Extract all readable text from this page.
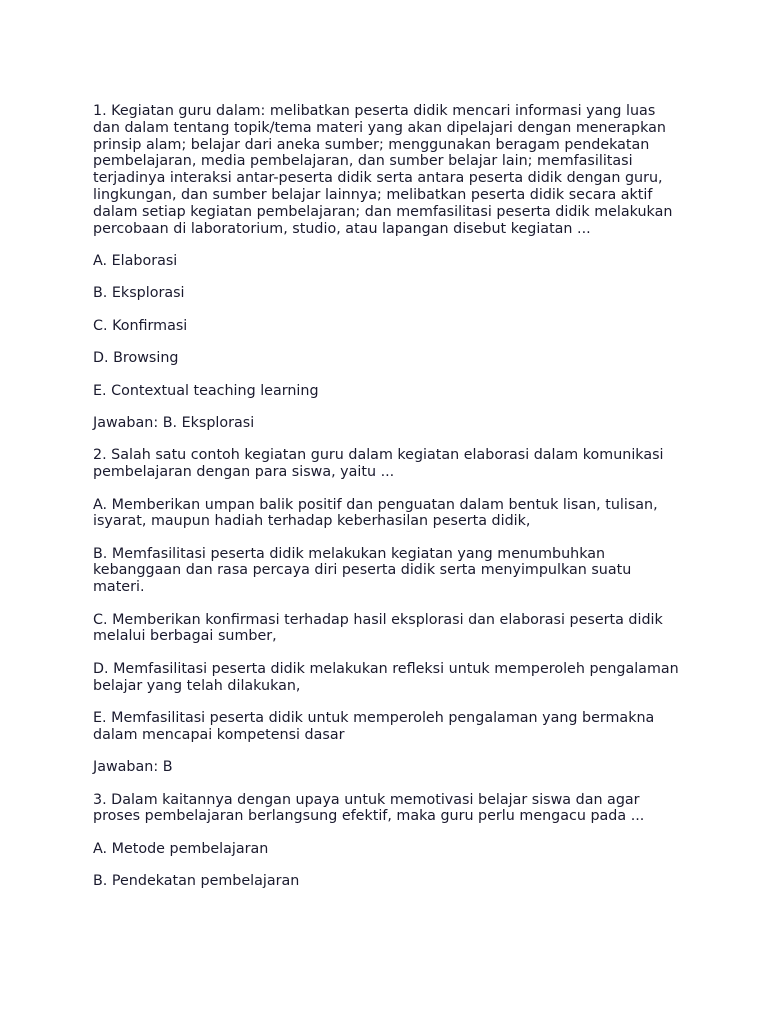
1. Kegiatan guru dalam: melibatkan peserta didik mencari informasi yang luas dan dalam tentang topik/tema materi yang akan dipelajari dengan menerapkan prinsip alam; belajar dari aneka sumber; menggunakan beragam pendekatan pembelajaran, media pembelajaran, dan sumber belajar lain; memfasilitasi terjadinya interaksi antar-peserta didik serta antara peserta didik dengan guru, lingkungan, dan sumber belajar lainnya; melibatkan peserta didik secara aktif dalam setiap kegiatan pembelajaran; dan memfasilitasi peserta didik melakukan percobaan di laboratorium, studio, atau lapangan disebut kegiatan ...

A. Elaborasi

B. Eksplorasi

C. Konfirmasi

D. Browsing

E. Contextual teaching learning

Jawaban: B. Eksplorasi

2. Salah satu contoh kegiatan guru dalam kegiatan elaborasi dalam komunikasi pembelajaran dengan para siswa, yaitu ...

A. Memberikan umpan balik positif dan penguatan dalam bentuk lisan, tulisan, isyarat, maupun hadiah terhadap keberhasilan peserta didik,

B. Memfasilitasi peserta didik melakukan kegiatan yang menumbuhkan kebanggaan dan rasa percaya diri peserta didik serta menyimpulkan suatu materi.

C. Memberikan konfirmasi terhadap hasil eksplorasi dan elaborasi peserta didik melalui berbagai sumber,

D. Memfasilitasi peserta didik melakukan refleksi untuk memperoleh pengalaman belajar yang telah dilakukan,

E. Memfasilitasi peserta didik untuk memperoleh pengalaman yang bermakna dalam mencapai kompetensi dasar

Jawaban: B

3. Dalam kaitannya dengan upaya untuk memotivasi belajar siswa dan agar proses pembelajaran berlangsung efektif, maka guru perlu mengacu pada ...

A. Metode pembelajaran

B. Pendekatan pembelajaran
